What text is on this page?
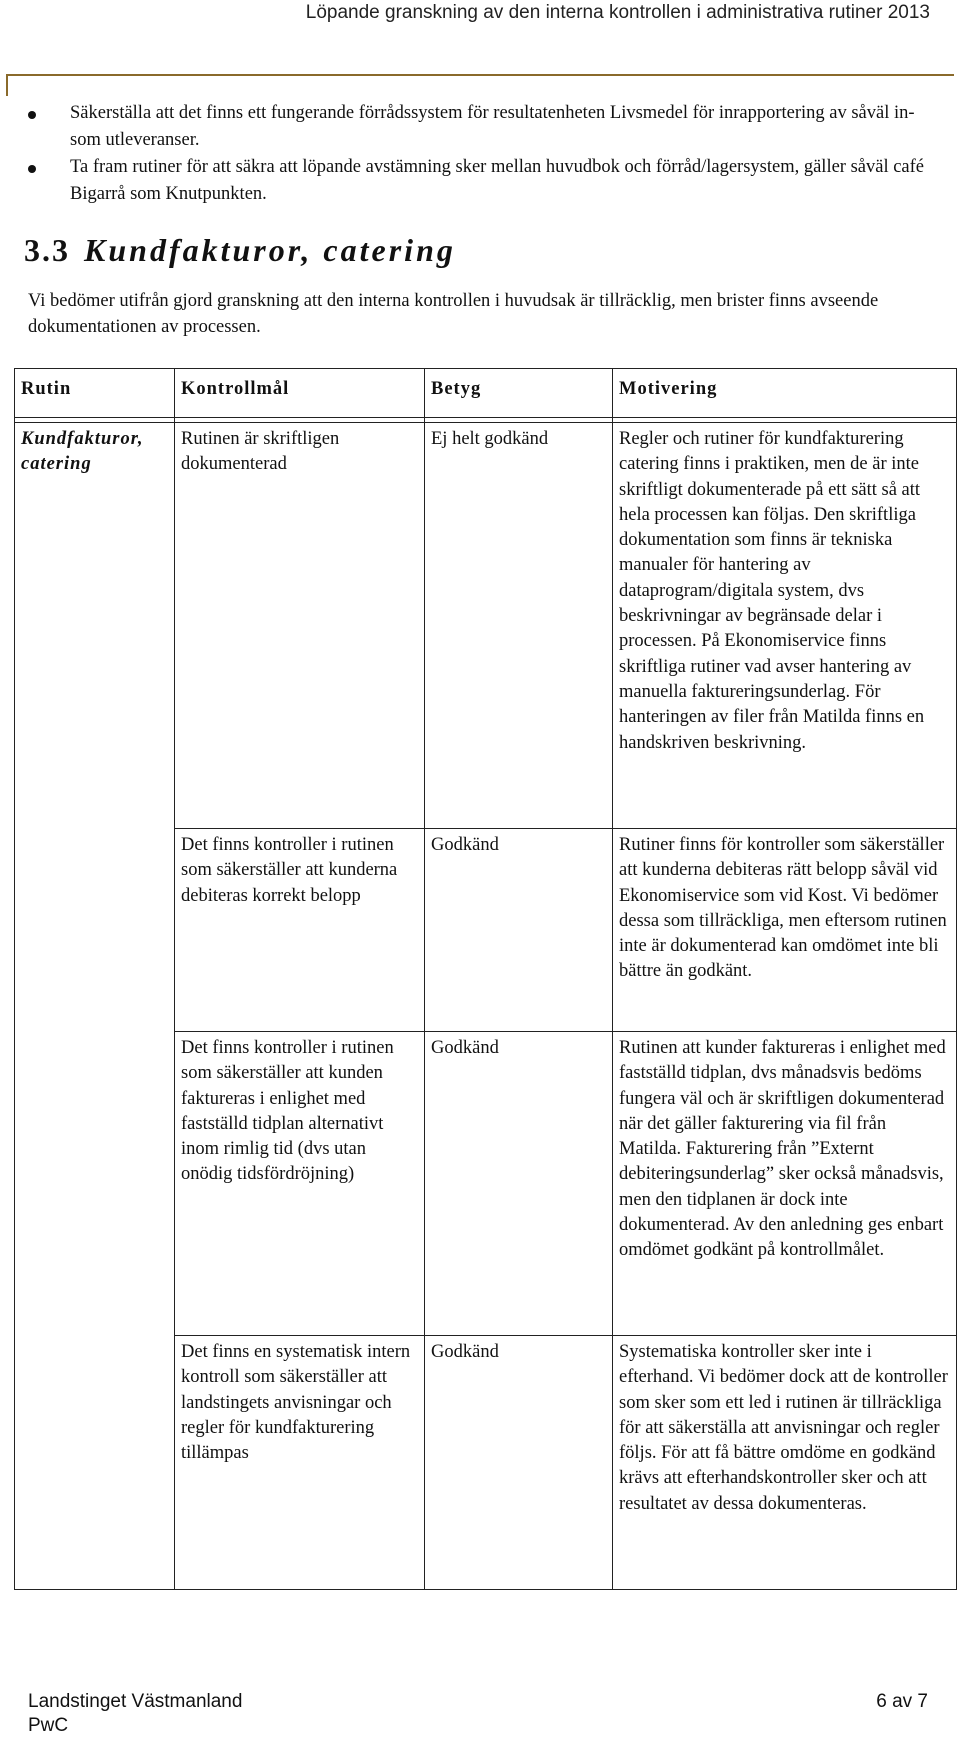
Löpande granskning av den interna kontrollen i administrativa rutiner 2013
Säkerställa att det finns ett fungerande förrådssystem för resultatenheten Livsmedel för inrapportering av såväl in- som utleveranser.
Ta fram rutiner för att säkra att löpande avstämning sker mellan huvudbok och förråd/lagersystem, gäller såväl café Bigarrå som Knutpunkten.
3.3 Kundfakturor, catering

Vi bedömer utifrån gjord granskning att den interna kontrollen i huvudsak är tillräcklig, men brister finns avseende dokumentationen av processen.

Rutin	Kontrollmål	Betyg	Motivering

Kundfakturor, catering	Rutinen är skriftligen dokumenterad	Ej helt godkänd	Regler och rutiner för kundfakturering catering finns i praktiken, men de är inte skriftligt dokumenterade på ett sätt så att hela processen kan följas. Den skriftliga dokumentation som finns är tekniska manualer för hantering av dataprogram/digitala system, dvs beskrivningar av begränsade delar i processen. På Ekonomiservice finns skriftliga rutiner vad avser hantering av manuella faktureringsunderlag. För hanteringen av filer från Matilda finns en handskriven beskrivning.
	Det finns kontroller i rutinen som säkerställer att kunderna debiteras korrekt belopp	Godkänd	Rutiner finns för kontroller som säkerställer att kunderna debiteras rätt belopp såväl vid Ekonomiservice som vid Kost. Vi bedömer dessa som tillräckliga, men eftersom rutinen inte är dokumenterad kan omdömet inte bli bättre än godkänt.
	Det finns kontroller i rutinen som säkerställer att kunden faktureras i enlighet med fastställd tidplan alternativt inom rimlig tid (dvs utan onödig tidsfördröjning)	Godkänd	Rutinen att kunder faktureras i enlighet med fastställd tidplan, dvs månadsvis bedöms fungera väl och är skriftligen dokumenterad när det gäller fakturering via fil från Matilda. Fakturering från ”Externt debiteringsunderlag” sker också månadsvis, men den tidplanen är dock inte dokumenterad. Av den anledning ges enbart omdömet godkänt på kontrollmålet.
	Det finns en systematisk intern kontroll som säkerställer att landstingets anvisningar och regler för kundfakturering tillämpas	Godkänd	Systematiska kontroller sker inte i efterhand. Vi bedömer dock att de kontroller som sker som ett led i rutinen är tillräckliga för att säkerställa att anvisningar och regler följs. För att få bättre omdöme en godkänd krävs att efterhandskontroller sker och att resultatet av dessa dokumenteras.
Landstinget Västmanland
PwC
6 av 7
